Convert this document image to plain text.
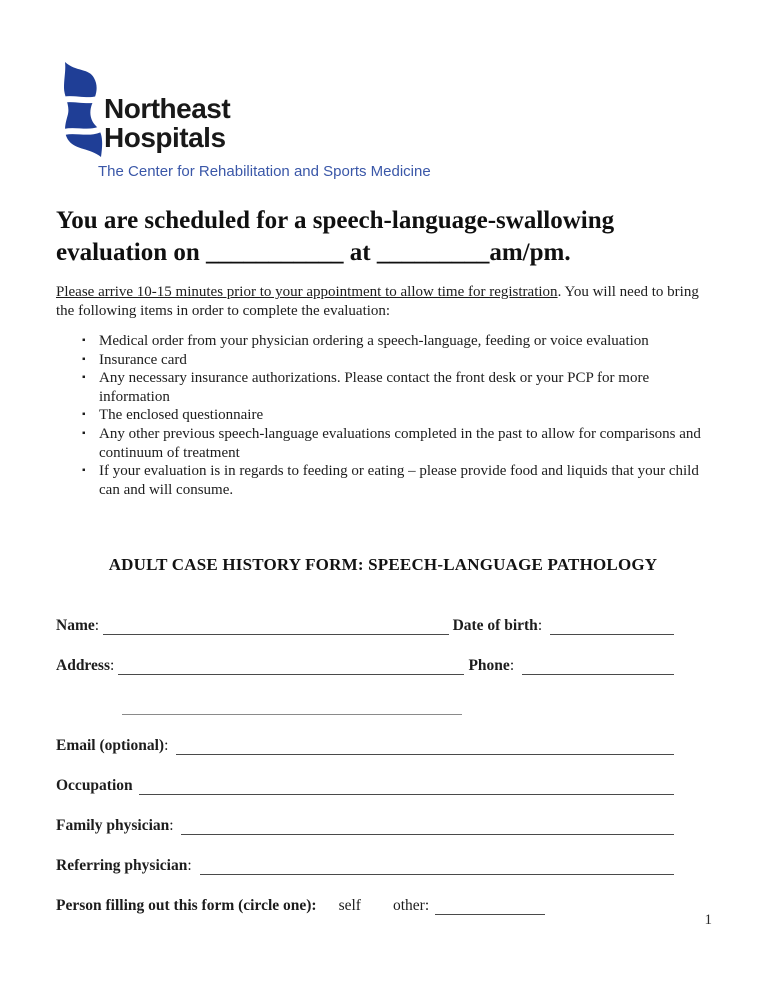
Northeast
Hospitals
The Center for Rehabilitation and Sports Medicine
You are scheduled for a speech-language-swallowing
evaluation on ___________ at _________am/pm.

Please arrive 10-15 minutes prior to your appointment to allow time for registration. You will need to bring the following items in order to complete the evaluation:

▪ Medical order from your physician ordering a speech-language, feeding or voice evaluation
▪ Insurance card
▪ Any necessary insurance authorizations. Please contact the front desk or your PCP for more information
▪ The enclosed questionnaire
▪ Any other previous speech-language evaluations completed in the past to allow for comparisons and continuum of treatment
▪ If your evaluation is in regards to feeding or eating – please provide food and liquids that your child can and will consume.
ADULT CASE HISTORY FORM: SPEECH-LANGUAGE PATHOLOGY
Name :	Date of birth :
Address :	Phone :
Email (optional) :
Occupation
Family physician :
Referring physician :
Person filling out this form (circle one): self other:
1
